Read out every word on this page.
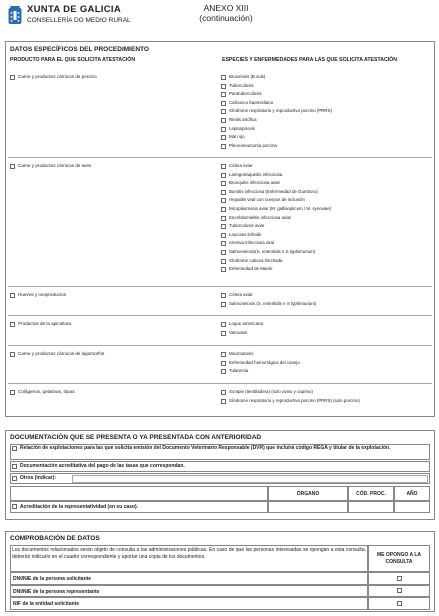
XUNTA DE GALICIA
CONSELLERÍA DO MEDIO RURAL
ANEXO XIII
(continuación)
DATOS ESPECÍFICOS DEL PROCEDIMIENTO
PRODUCTO PARA EL QUE SOLICITA ATESTACIÓN	ESPECIES Y ENFERMEDADES PARA LAS QUE SOLICITA ATESTACIÓN
Carne y productos cárnicos de porcino	Brucelosis (B.suis)
Tuberculosis
Paratuberculosis
Carbunco bacteridiano
Síndrome respiratorio y reproductivo porcino (PRRS)
Rinitis atrófica
Leptospirosis
Mal rojo
Pleuroneumonía porcina
Carne y productos cárnicos de aves	Cólera aviar
Laringotraqueitis infecciosa
Bronquitis infecciosa aviar
Bursitis infecciosa (Enfermedad de Gumboro)
Hepatitis viral con cuerpos de inclusión
Micoplasmosis aviar (M. gallisepticum / M. synoviae)
Encefalomielitis infecciosa aviar
Tuberculosis aviar
Leucosis linfoide
Anemia infecciosa viral
Salmonelosis(S. enteritidis e S typhimurium)
Síndrome cabeza hinchada
Enfermedad de Marek
Huevos y ovoproductos	Cólera aviar
Salmonelosis (S. enteritidis e S typhimurium)
Productos de la apicultura	Loque americana
Varroasis
Carne y productos cárnicos de lagomorfos	Mixomatosis
Enfermedad hemorrágica del conejo
Tularemia
Colágenos, gelatinas, tripas	Scrapie (tembladera) (solo ovino y caprino)
Síndrome respiratorio y reproductivo porcino (PRRS) (solo porcino)
DOCUMENTACIÓN QUE SE PRESENTA O YA PRESENTADA CON ANTERIORIDAD
Relación de explotaciones para las que solicita emisión del Documento Veterinario Responsable (DVR) que incluirá código REGA y titular de la explotación.
Documentación acreditativa del pago de las tasas que correspondan.
Otros (indicar):
ÓRGANO	CÓD. PROC.	AÑO
Acreditación de la representatividad (en su caso).
COMPROBACIÓN DE DATOS
Los documentos relacionados serán objeto de consulta a las administraciones públicas. En caso de que las personas interesadas se opongan a esta consulta, deberán indicarlo en el cuadro correspondiente y aportar una copia de los documentos.	ME OPONGO A LA CONSULTA
DNI/NIE de la persona solicitante
DNI/NIE de la persona representante
NIF de la entidad solicitante
